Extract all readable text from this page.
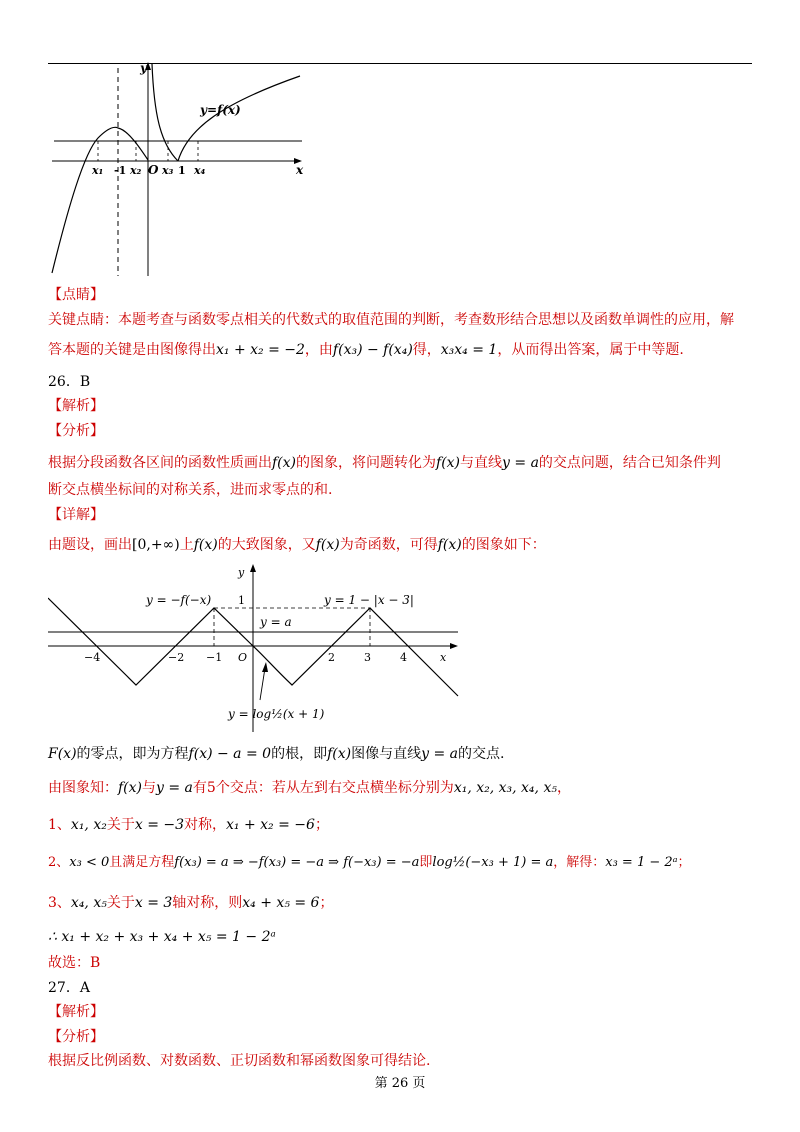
y=f(x)
y
x
O
x₁ -1 x₂ x₃ 1 x₄
【点睛】
关键点睛：本题考查与函数零点相关的代数式的取值范围的判断，考查数形结合思想以及函数单调性的应用，解
答本题的关键是由图像得出x₁ + x₂ = −2，由f(x₃) − f(x₄)得，x₃x₄ = 1，从而得出答案，属于中等题.
26．B
【解析】
【分析】
根据分段函数各区间的函数性质画出f(x)的图象，将问题转化为f(x)与直线y = a的交点问题，结合已知条件判
断交点横坐标间的对称关系，进而求零点的和.
【详解】
由题设，画出[0,+∞)上f(x)的大致图象，又f(x)为奇函数，可得f(x)的图象如下：
y = −f(−x)	y = 1 − |x − 3|
y = a
1
y
x
O
−4	−2 −1	2	3	4
y = log½(x + 1)
F(x)的零点，即为方程f(x) − a = 0的根，即f(x)图像与直线y = a的交点.
由图象知：f(x)与y = a有5个交点：若从左到右交点横坐标分别为x₁, x₂, x₃, x₄, x₅，
1、x₁, x₂关于x = −3对称，x₁ + x₂ = −6；
2、x₃ < 0且满足方程f(x₃) = a ⇒ −f(x₃) = −a ⇒ f(−x₃) = −a即log½(−x₃ + 1) = a，解得：x₃ = 1 − 2ᵃ；
3、x₄, x₅关于x = 3轴对称，则x₄ + x₅ = 6；
∴ x₁ + x₂ + x₃ + x₄ + x₅ = 1 − 2ᵃ
故选：B
27．A
【解析】
【分析】
根据反比例函数、对数函数、正切函数和幂函数图象可得结论.
第 26 页
